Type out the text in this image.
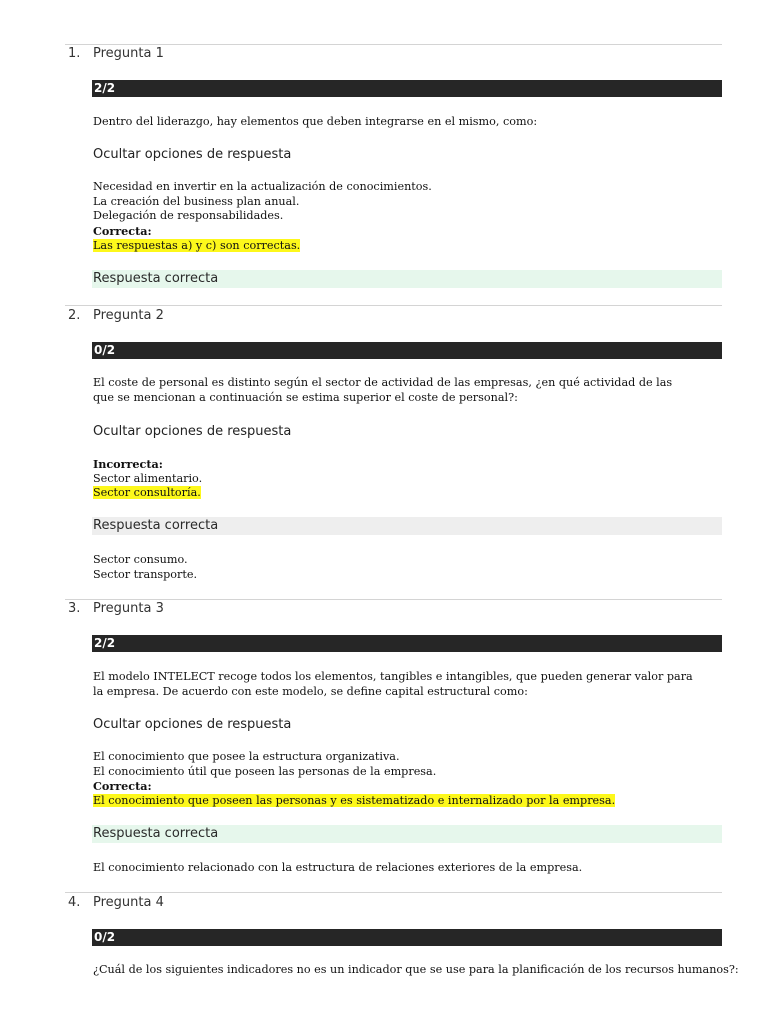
1. Pregunta 1
2/2
Dentro del liderazgo, hay elementos que deben integrarse en el mismo, como:
Ocultar opciones de respuesta
Necesidad en invertir en la actualización de conocimientos.
La creación del business plan anual.
Delegación de responsabilidades.
Correcta:
Las respuestas a) y c) son correctas.
Respuesta correcta
2. Pregunta 2
0/2
El coste de personal es distinto según el sector de actividad de las empresas, ¿en qué actividad de las que se mencionan a continuación se estima superior el coste de personal?:
Ocultar opciones de respuesta
Incorrecta:
Sector alimentario.
Sector consultoría.
Respuesta correcta
Sector consumo.
Sector transporte.
3. Pregunta 3
2/2
El modelo INTELECT recoge todos los elementos, tangibles e intangibles, que pueden generar valor para la empresa. De acuerdo con este modelo, se define capital estructural como:
Ocultar opciones de respuesta
El conocimiento que posee la estructura organizativa.
El conocimiento útil que poseen las personas de la empresa.
Correcta:
El conocimiento que poseen las personas y es sistematizado e internalizado por la empresa.
Respuesta correcta
El conocimiento relacionado con la estructura de relaciones exteriores de la empresa.
4. Pregunta 4
0/2
¿Cuál de los siguientes indicadores no es un indicador que se use para la planificación de los recursos humanos?:
